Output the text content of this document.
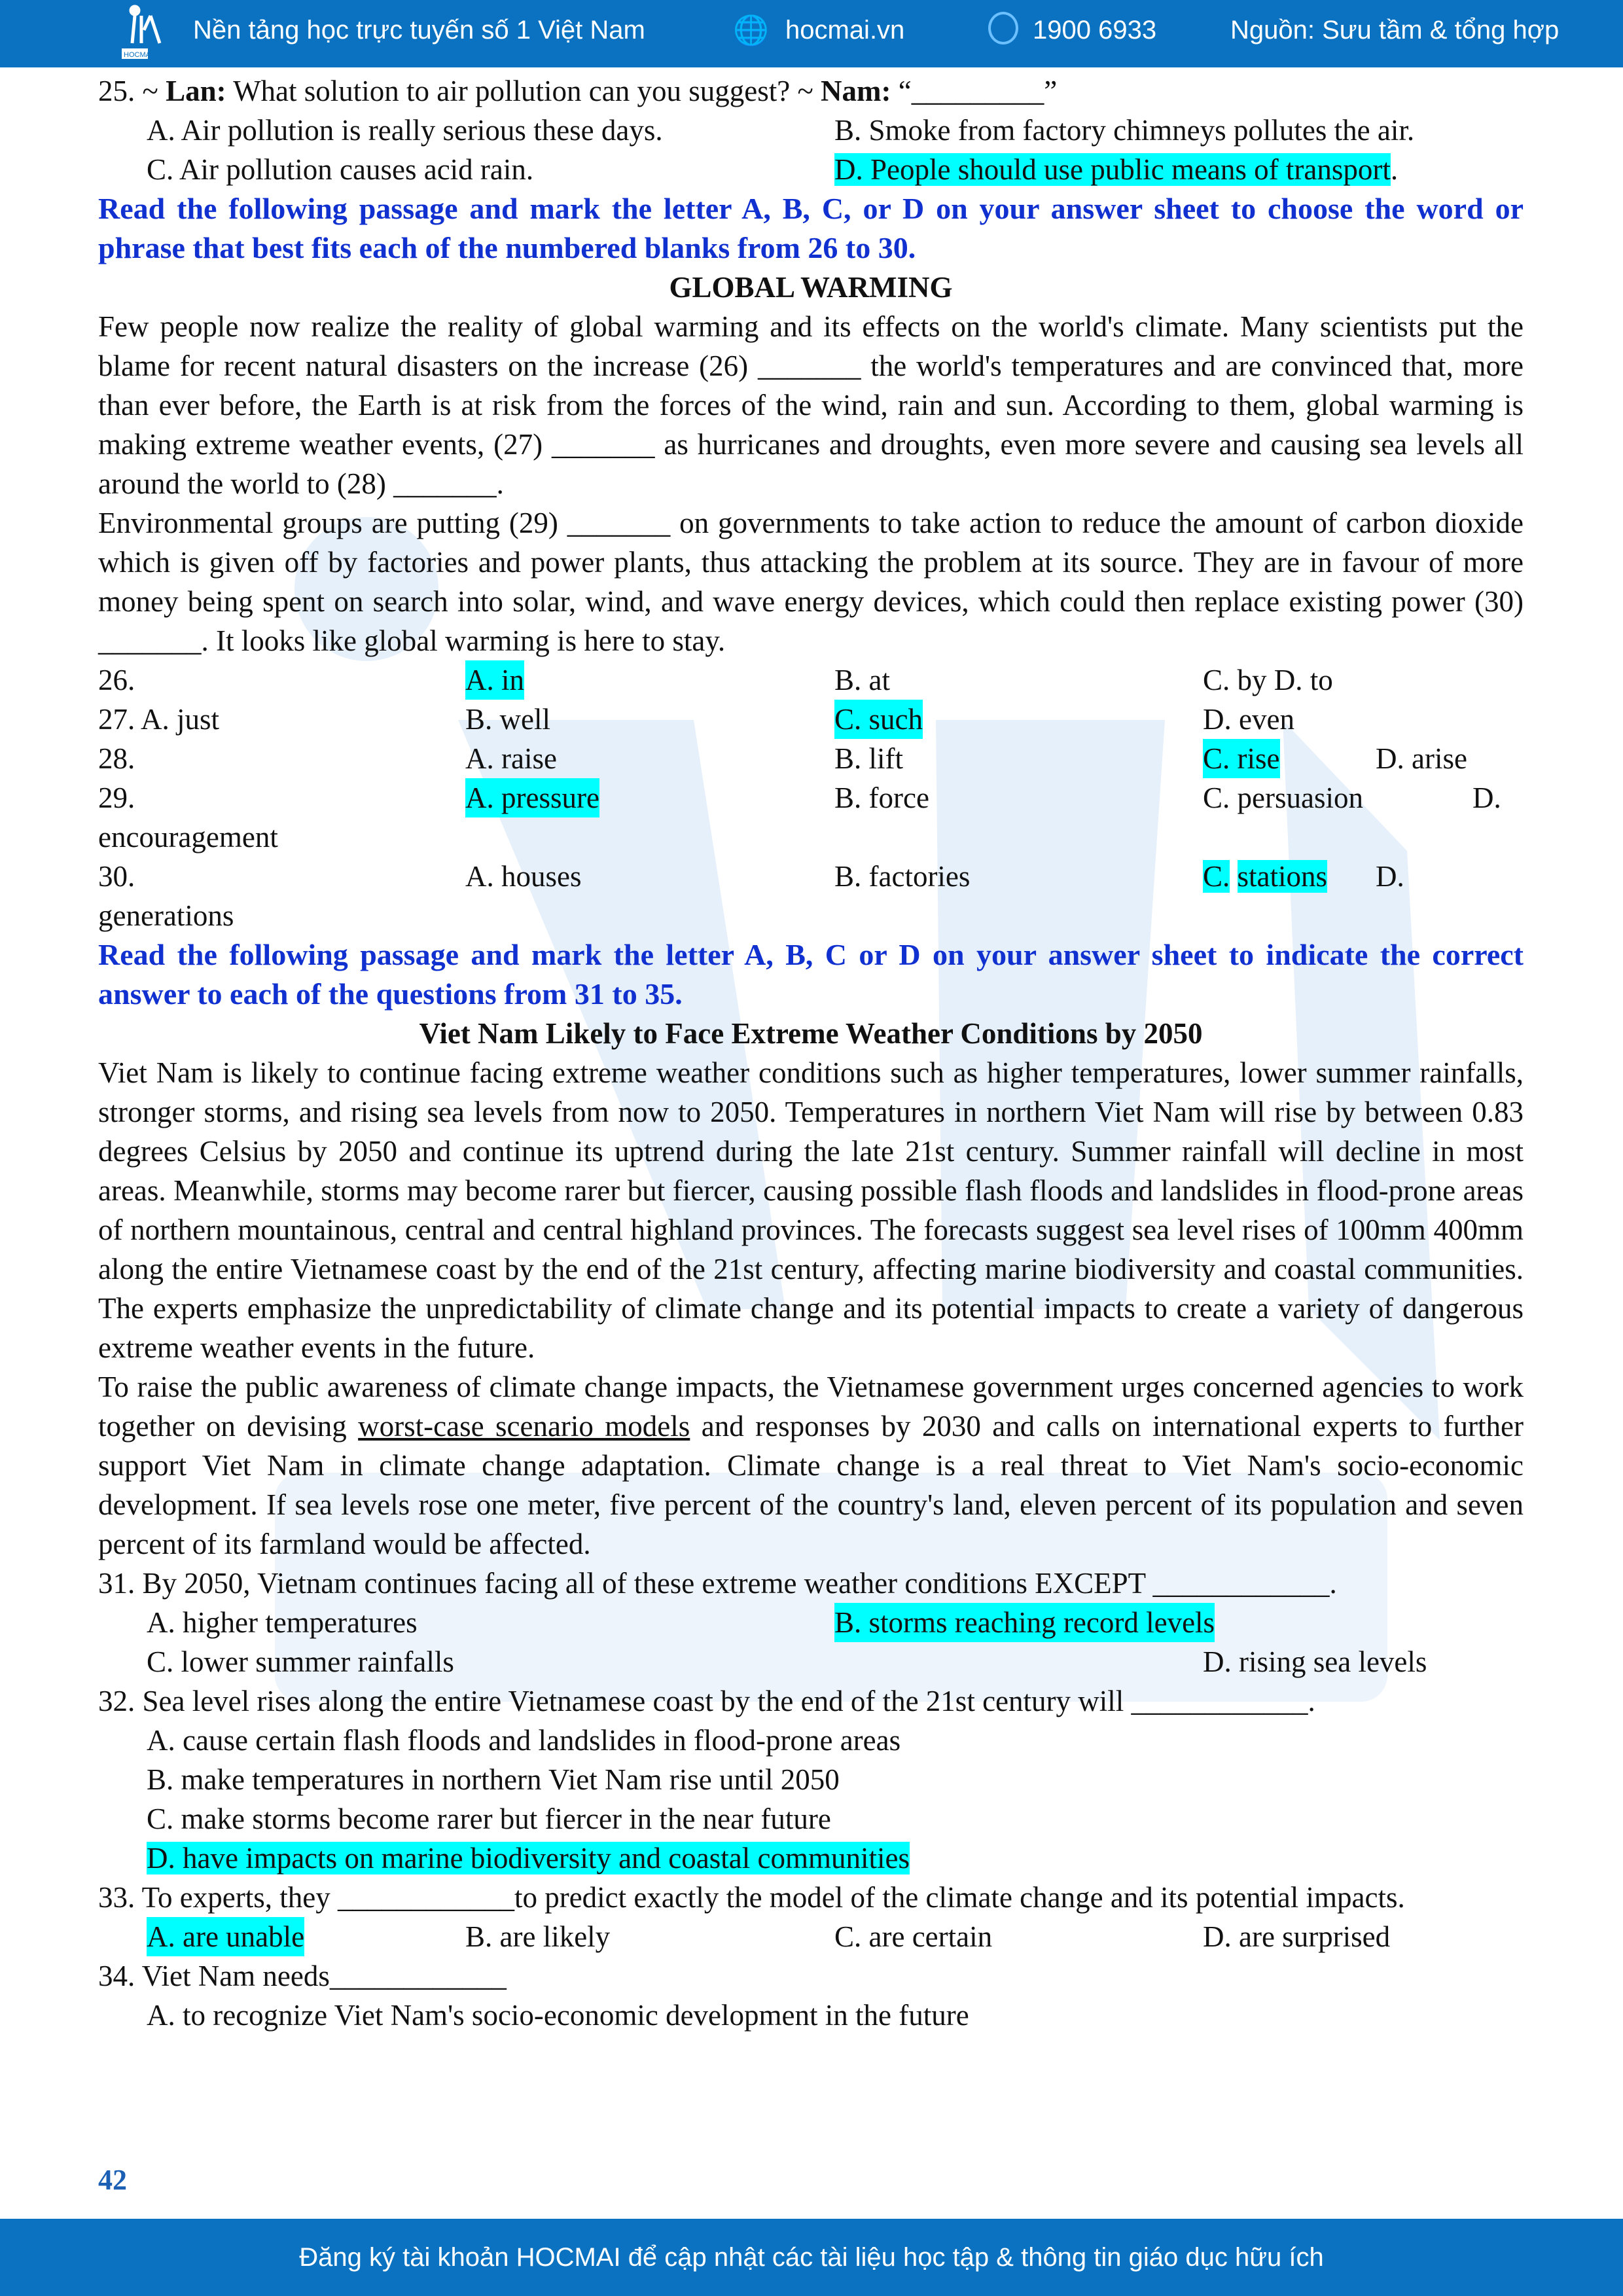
HOCMAI
Nền tảng học trực tuyến số 1 Việt Nam	🌐 hocmai.vn	1900 6933	Nguồn: Sưu tầm & tổng hợp
25. ~ Lan: What solution to air pollution can you suggest? ~ Nam: “_________”
A. Air pollution is really serious these days.	B. Smoke from factory chimneys pollutes the air.
C. Air pollution causes acid rain.	D. People should use public means of transport.
Read the following passage and mark the letter A, B, C, or D on your answer sheet to choose the word or phrase that best fits each of the numbered blanks from 26 to 30.
GLOBAL WARMING
Few people now realize the reality of global warming and its effects on the world's climate. Many scientists put the blame for recent natural disasters on the increase (26) _______ the world's temperatures and are convinced that, more than ever before, the Earth is at risk from the forces of the wind, rain and sun. According to them, global warming is making extreme weather events, (27) _______ as hurricanes and droughts, even more severe and causing sea levels all around the world to (28) _______.
Environmental groups are putting (29) _______ on governments to take action to reduce the amount of carbon dioxide which is given off by factories and power plants, thus attacking the problem at its source. They are in favour of more money being spent on search into solar, wind, and wave energy devices, which could then replace existing power (30) _______. It looks like global warming is here to stay.
26.	A. in	B. at	C. by D. to
27. A. just	B. well	C. such	D. even
28.	A. raise	B. lift	C. rise	D. arise
29.	A. pressure	B. force	C. persuasion	D.
encouragement
30.	A. houses	B. factories	C. stations D.
generations
Read the following passage and mark the letter A, B, C or D on your answer sheet to indicate the correct answer to each of the questions from 31 to 35.
Viet Nam Likely to Face Extreme Weather Conditions by 2050
Viet Nam is likely to continue facing extreme weather conditions such as higher temperatures, lower summer rainfalls, stronger storms, and rising sea levels from now to 2050. Temperatures in northern Viet Nam will rise by between 0.83 degrees Celsius by 2050 and continue its uptrend during the late 21st century. Summer rainfall will decline in most areas. Meanwhile, storms may become rarer but fiercer, causing possible flash floods and landslides in flood-prone areas of northern mountainous, central and central highland provinces. The forecasts suggest sea level rises of 100mm 400mm along the entire Vietnamese coast by the end of the 21st century, affecting marine biodiversity and coastal communities. The experts emphasize the unpredictability of climate change and its potential impacts to create a variety of dangerous extreme weather events in the future.
To raise the public awareness of climate change impacts, the Vietnamese government urges concerned agencies to work together on devising worst-case scenario models and responses by 2030 and calls on international experts to further support Viet Nam in climate change adaptation. Climate change is a real threat to Viet Nam's socio-economic development. If sea levels rose one meter, five percent of the country's land, eleven percent of its population and seven percent of its farmland would be affected.
31. By 2050, Vietnam continues facing all of these extreme weather conditions EXCEPT ____________.
A. higher temperatures	B. storms reaching record levels
C. lower summer rainfalls	D. rising sea levels
32. Sea level rises along the entire Vietnamese coast by the end of the 21st century will ____________.
A. cause certain flash floods and landslides in flood-prone areas
B. make temperatures in northern Viet Nam rise until 2050
C. make storms become rarer but fiercer in the near future
D. have impacts on marine biodiversity and coastal communities
33. To experts, they ____________to predict exactly the model of the climate change and its potential impacts.
A. are unable	B. are likely	C. are certain	D. are surprised
34. Viet Nam needs____________
A. to recognize Viet Nam's socio-economic development in the future
42
Đăng ký tài khoản HOCMAI để cập nhật các tài liệu học tập & thông tin giáo dục hữu ích
